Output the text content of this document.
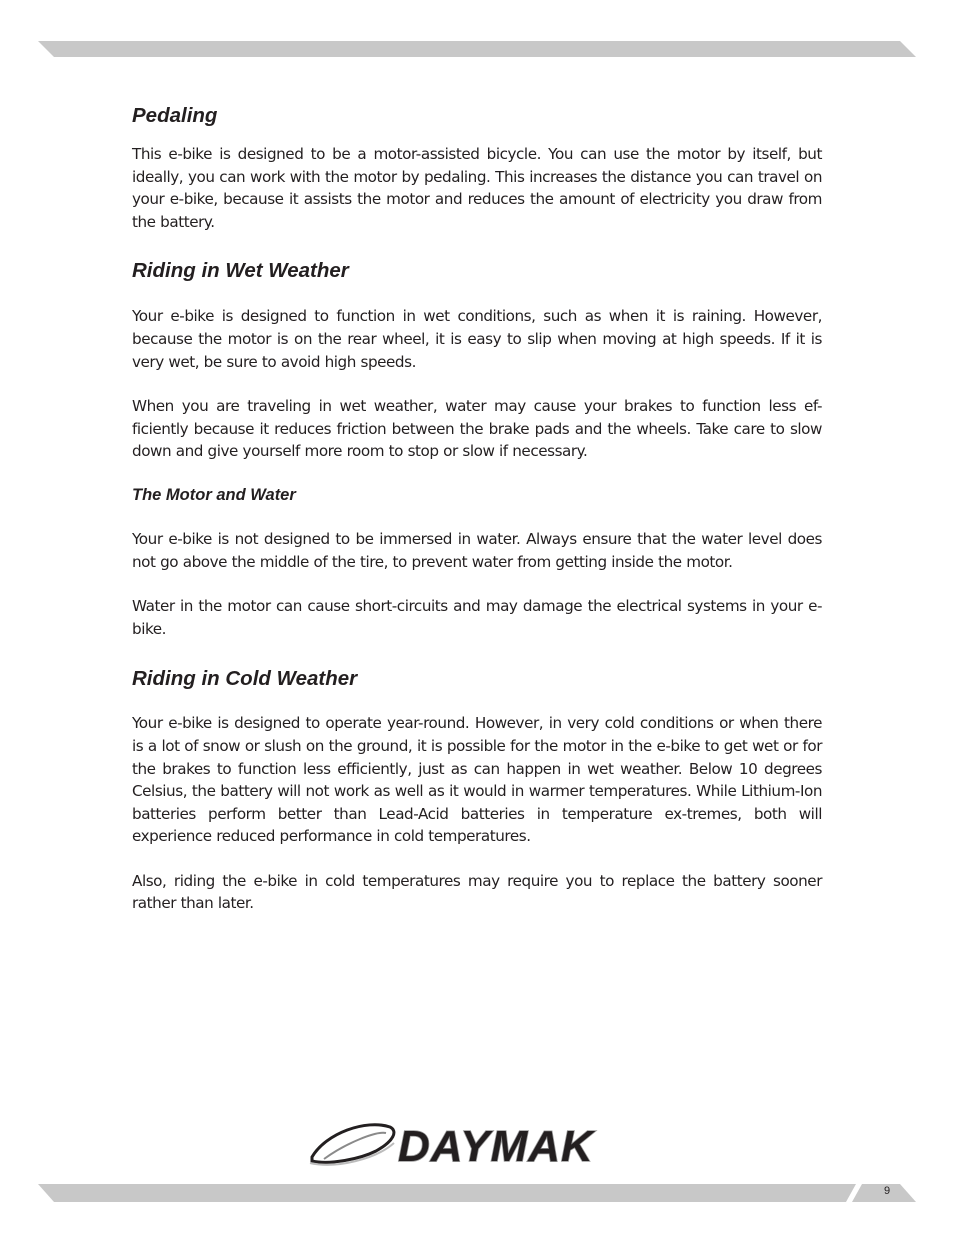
Pedaling

This e-bike is designed to be a motor-assisted bicycle. You can use the motor by itself, but ideally, you can work with the motor by pedaling. This increases the distance you can travel on your e-bike, because it assists the motor and reduces the amount of electricity you draw from the battery.

Riding in Wet Weather

Your e-bike is designed to function in wet conditions, such as when it is raining. However, because the motor is on the rear wheel, it is easy to slip when moving at high speeds. If it is very wet, be sure to avoid high speeds.

When you are traveling in wet weather, water may cause your brakes to function less ef-ficiently because it reduces friction between the brake pads and the wheels. Take care to slow down and give yourself more room to stop or slow if necessary.

The Motor and Water

Your e-bike is not designed to be immersed in water. Always ensure that the water level does not go above the middle of the tire, to prevent water from getting inside the motor.

Water in the motor can cause short-circuits and may damage the electrical systems in your e-bike.

Riding in Cold Weather

Your e-bike is designed to operate year-round. However, in very cold conditions or when there is a lot of snow or slush on the ground, it is possible for the motor in the e-bike to get wet or for the brakes to function less efficiently, just as can happen in wet weather. Below 10 degrees Celsius, the battery will not work as well as it would in warmer temperatures. While Lithium-Ion batteries perform better than Lead-Acid batteries in temperature ex-tremes, both will experience reduced performance in cold temperatures.

Also, riding the e-bike in cold temperatures may require you to replace the battery sooner rather than later.

DAYMAK
9
